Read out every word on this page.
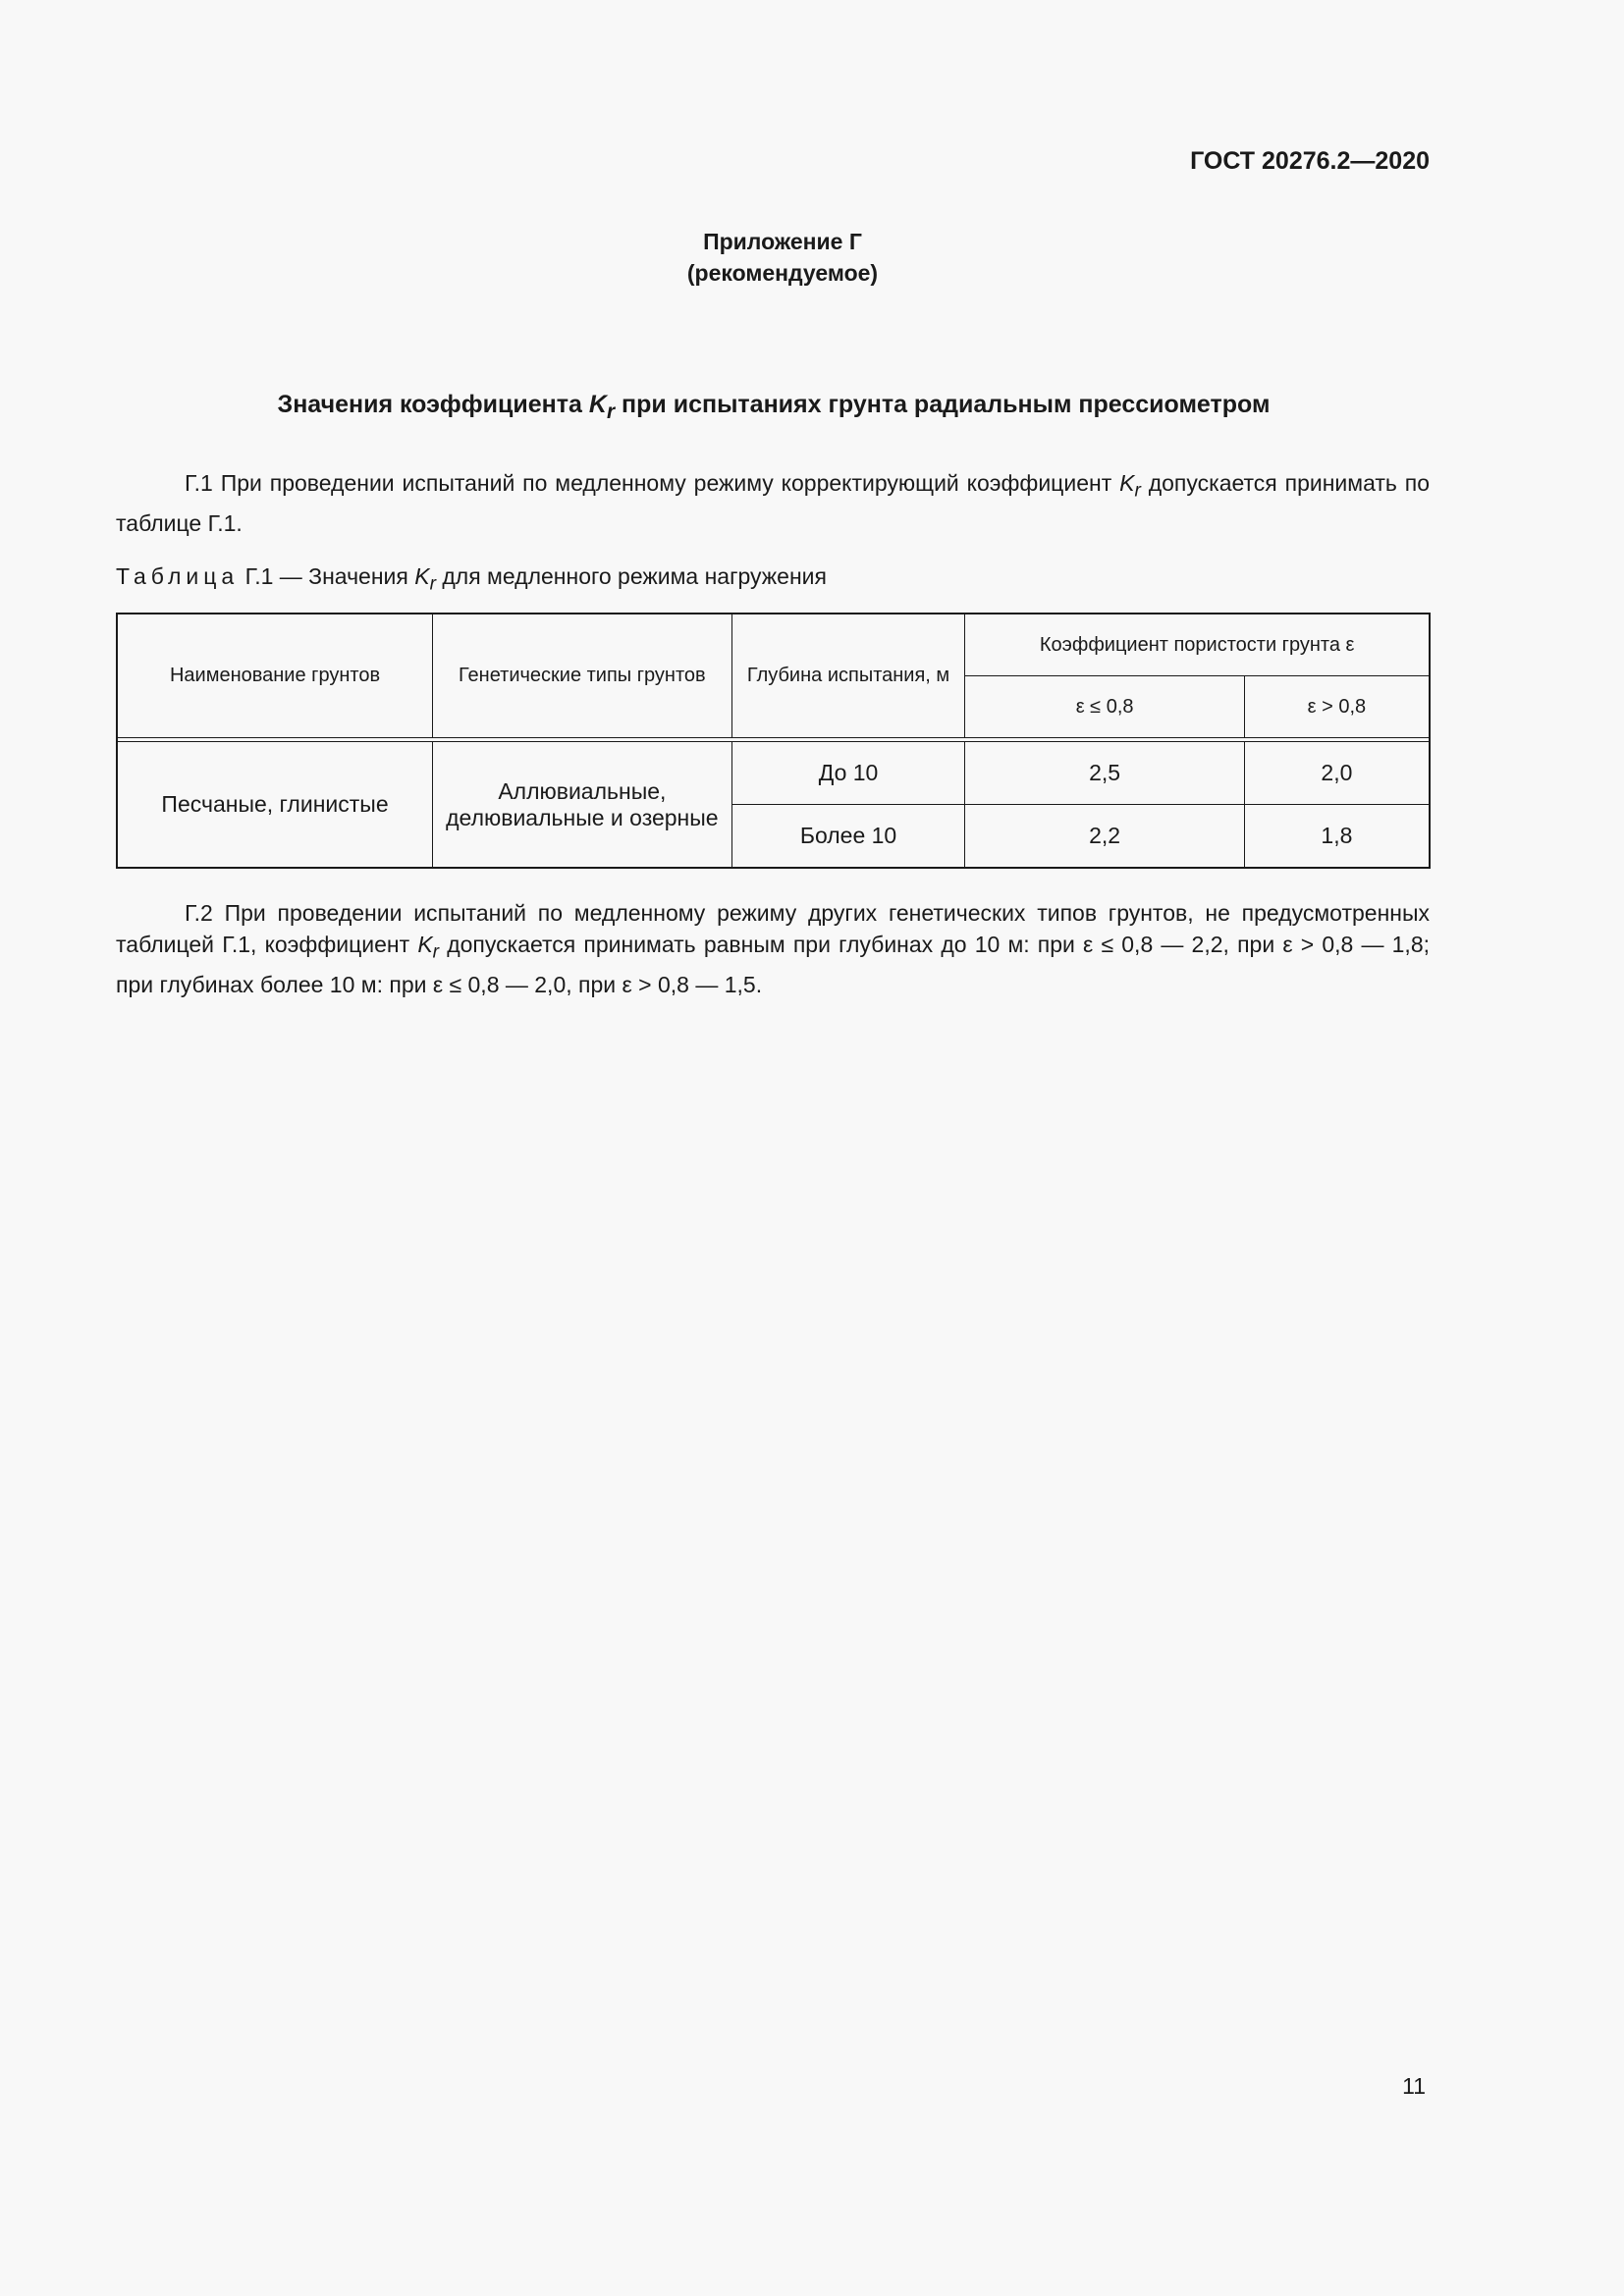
ГОСТ 20276.2—2020
Приложение Г
(рекомендуемое)
Значения коэффициента $K_r$ при испытаниях грунта радиальным прессиометром
Г.1 При проведении испытаний по медленному режиму корректирующий коэффициент $K_r$ допускается принимать по таблице Г.1.
Таблица Г.1 — Значения $K_r$ для медленного режима нагружения
Наименование грунтов	Генетические типы грунтов	Глубина испытания, м	Коэффициент пористости грунта ε	
			ε ≤ 0,8	ε > 0,8

Песчаные, глинистые	Аллювиальные, делювиальные и озерные	До 10	2,5	2,0
		Более 10	2,2	1,8
Г.2 При проведении испытаний по медленному режиму других генетических типов грунтов, не предусмотренных таблицей Г.1, коэффициент $K_r$ допускается принимать равным при глубинах до 10 м: при ε ≤ 0,8 — 2,2, при ε > 0,8 — 1,8; при глубинах более 10 м: при ε ≤ 0,8 — 2,0, при ε > 0,8 — 1,5.
11
